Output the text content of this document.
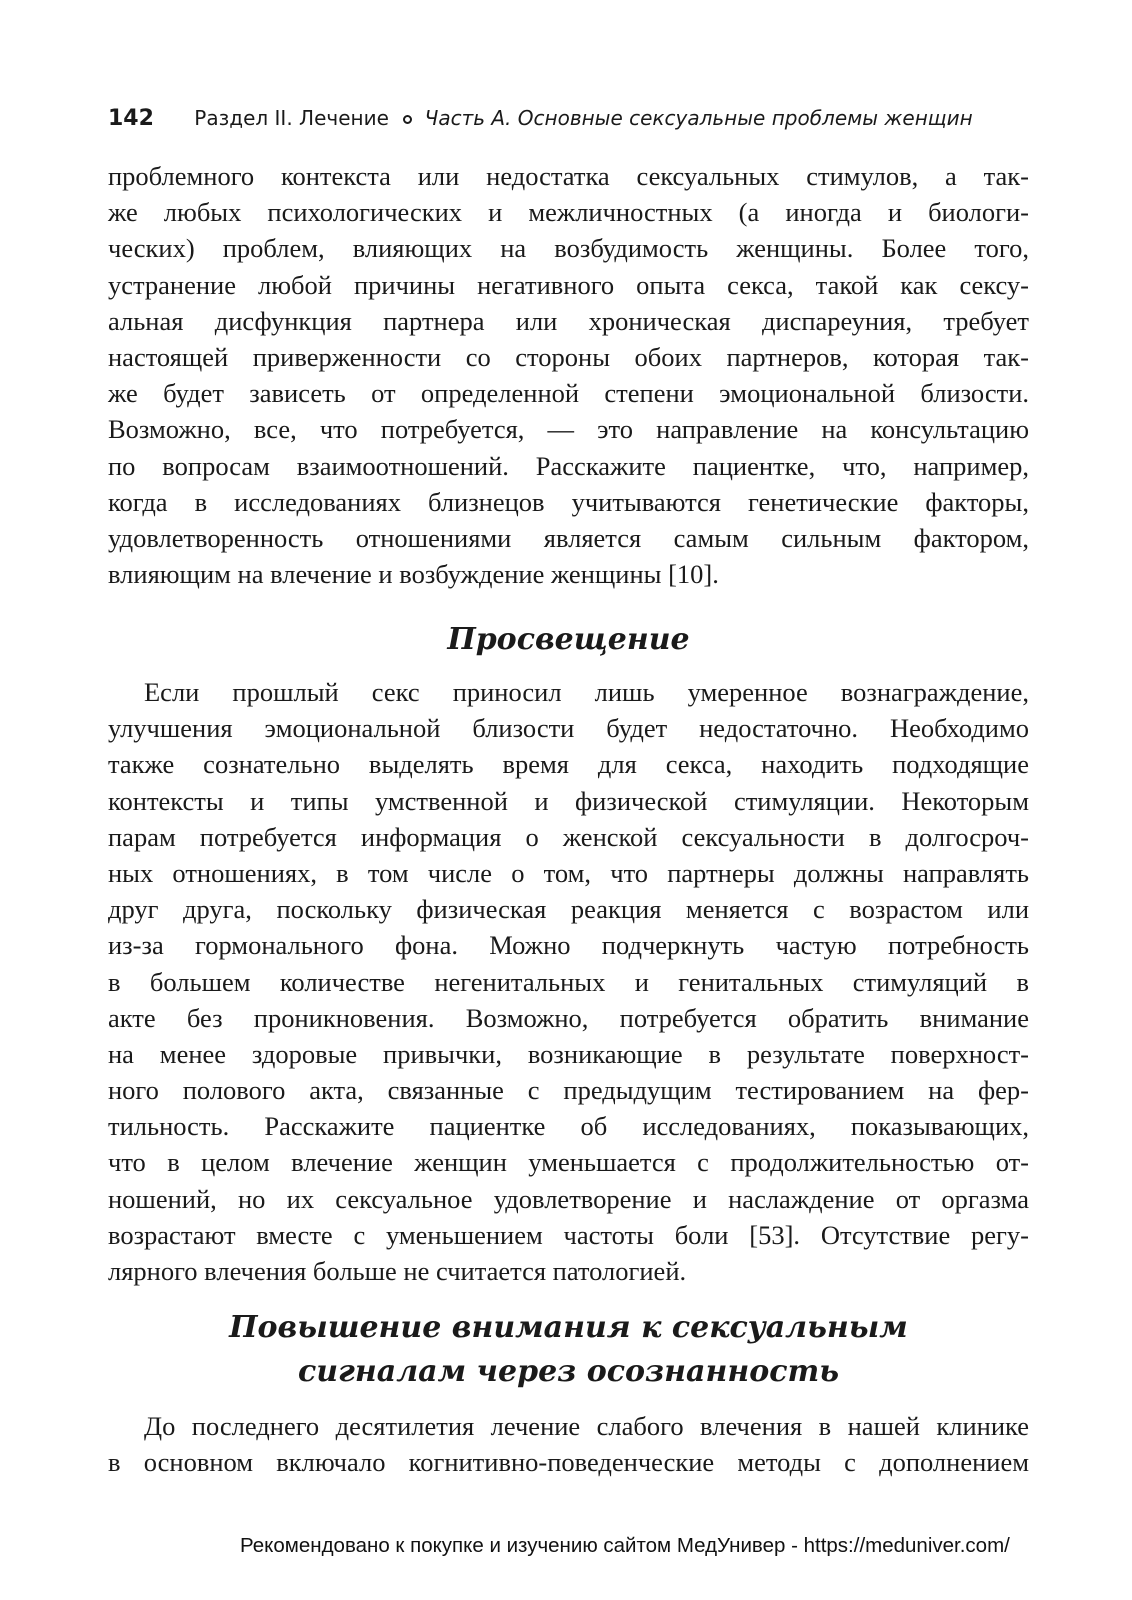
142 Раздел II. Лечение Часть А. Основные сексуальные проблемы женщин
проблемного контекста или недостатка сексуальных стимулов, а так-
же любых психологических и межличностных (а иногда и биологи-
ческих) проблем, влияющих на возбудимость женщины. Более того,
устранение любой причины негативного опыта секса, такой как сексу-
альная дисфункция партнера или хроническая диспареуния, требует
настоящей приверженности со стороны обоих партнеров, которая так-
же будет зависеть от определенной степени эмоциональной близости.
Возможно, все, что потребуется, — это направление на консультацию
по вопросам взаимоотношений. Расскажите пациентке, что, например,
когда в исследованиях близнецов учитываются генетические факторы,
удовлетворенность отношениями является самым сильным фактором,
влияющим на влечение и возбуждение женщины [10].
Просвещение
Если прошлый секс приносил лишь умеренное вознаграждение,
улучшения эмоциональной близости будет недостаточно. Необходимо
также сознательно выделять время для секса, находить подходящие
контексты и типы умственной и физической стимуляции. Некоторым
парам потребуется информация о женской сексуальности в долгосроч-
ных отношениях, в том числе о том, что партнеры должны направлять
друг друга, поскольку физическая реакция меняется с возрастом или
из-за гормонального фона. Можно подчеркнуть частую потребность
в большем количестве негенитальных и генитальных стимуляций в
акте без проникновения. Возможно, потребуется обратить внимание
на менее здоровые привычки, возникающие в результате поверхност-
ного полового акта, связанные с предыдущим тестированием на фер-
тильность. Расскажите пациентке об исследованиях, показывающих,
что в целом влечение женщин уменьшается с продолжительностью от-
ношений, но их сексуальное удовлетворение и наслаждение от оргазма
возрастают вместе с уменьшением частоты боли [53]. Отсутствие регу-
лярного влечения больше не считается патологией.
Повышение внимания к сексуальным
сигналам через осознанность
До последнего десятилетия лечение слабого влечения в нашей клинике
в основном включало когнитивно-поведенческие методы с дополнением
Рекомендовано к покупке и изучению сайтом МедУнивер - https://meduniver.com/
